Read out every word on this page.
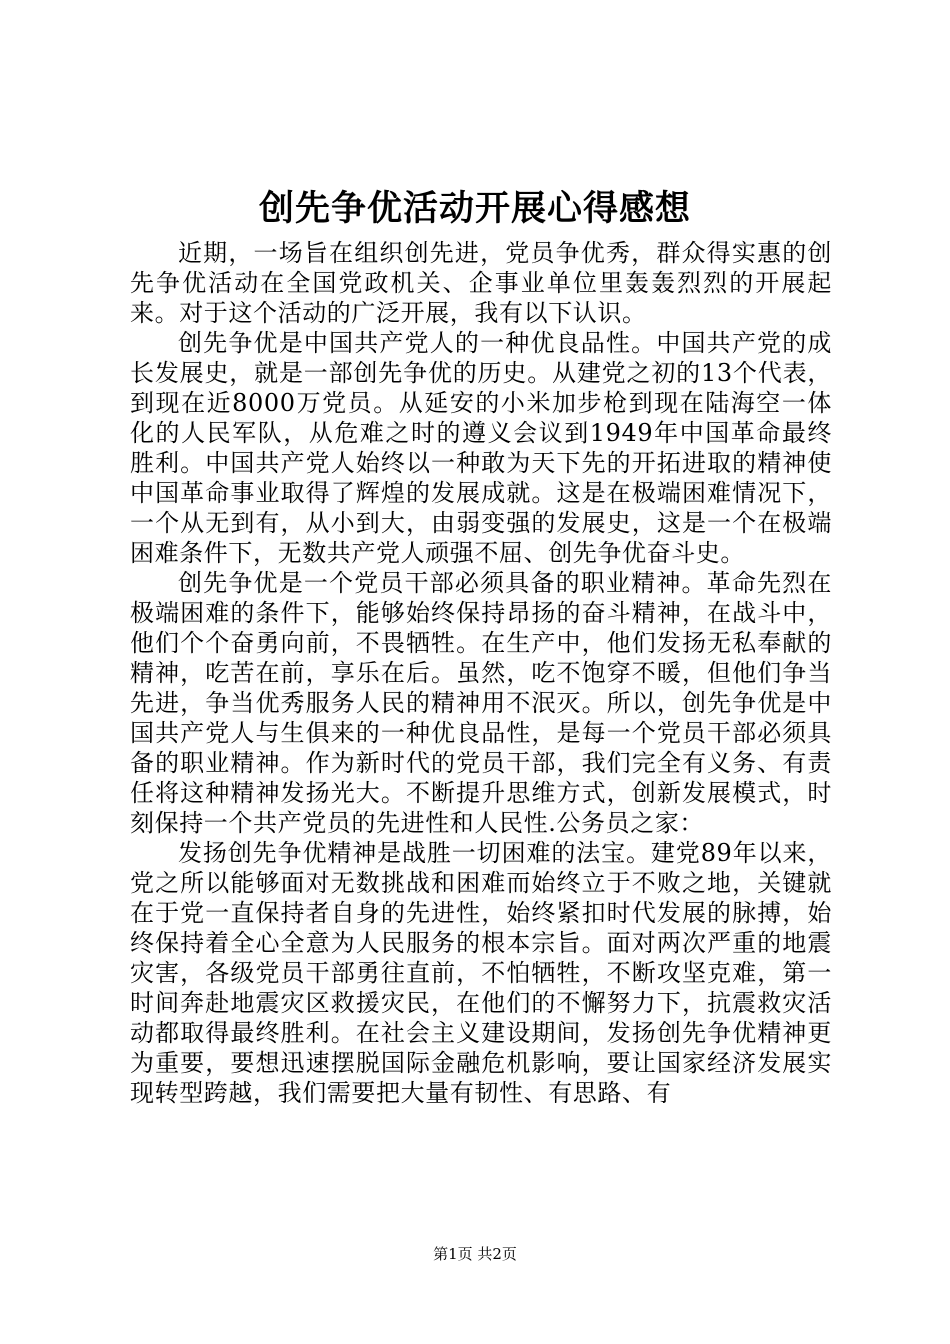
创先争优活动开展心得感想

近期，一场旨在组织创先进，党员争优秀，群众得实惠的创先争优活动在全国党政机关、企事业单位里轰轰烈烈的开展起来。对于这个活动的广泛开展，我有以下认识。

创先争优是中国共产党人的一种优良品性。中国共产党的成长发展史，就是一部创先争优的历史。从建党之初的13个代表，到现在近8000万党员。从延安的小米加步枪到现在陆海空一体化的人民军队，从危难之时的遵义会议到1949年中国革命最终胜利。中国共产党人始终以一种敢为天下先的开拓进取的精神使中国革命事业取得了辉煌的发展成就。这是在极端困难情况下，一个从无到有，从小到大，由弱变强的发展史，这是一个在极端困难条件下，无数共产党人顽强不屈、创先争优奋斗史。

创先争优是一个党员干部必须具备的职业精神。革命先烈在极端困难的条件下，能够始终保持昂扬的奋斗精神，在战斗中，他们个个奋勇向前，不畏牺牲。在生产中，他们发扬无私奉献的精神，吃苦在前，享乐在后。虽然，吃不饱穿不暖，但他们争当先进，争当优秀服务人民的精神用不泯灭。所以，创先争优是中国共产党人与生俱来的一种优良品性，是每一个党员干部必须具备的职业精神。作为新时代的党员干部，我们完全有义务、有责任将这种精神发扬光大。不断提升思维方式，创新发展模式，时刻保持一个共产党员的先进性和人民性.公务员之家：

发扬创先争优精神是战胜一切困难的法宝。建党89年以来，党之所以能够面对无数挑战和困难而始终立于不败之地，关键就在于党一直保持者自身的先进性，始终紧扣时代发展的脉搏，始终保持着全心全意为人民服务的根本宗旨。面对两次严重的地震灾害，各级党员干部勇往直前，不怕牺牲，不断攻坚克难，第一时间奔赴地震灾区救援灾民，在他们的不懈努力下，抗震救灾活动都取得最终胜利。在社会主义建设期间，发扬创先争优精神更为重要，要想迅速摆脱国际金融危机影响，要让国家经济发展实现转型跨越，我们需要把大量有韧性、有思路、有

第1页 共2页
